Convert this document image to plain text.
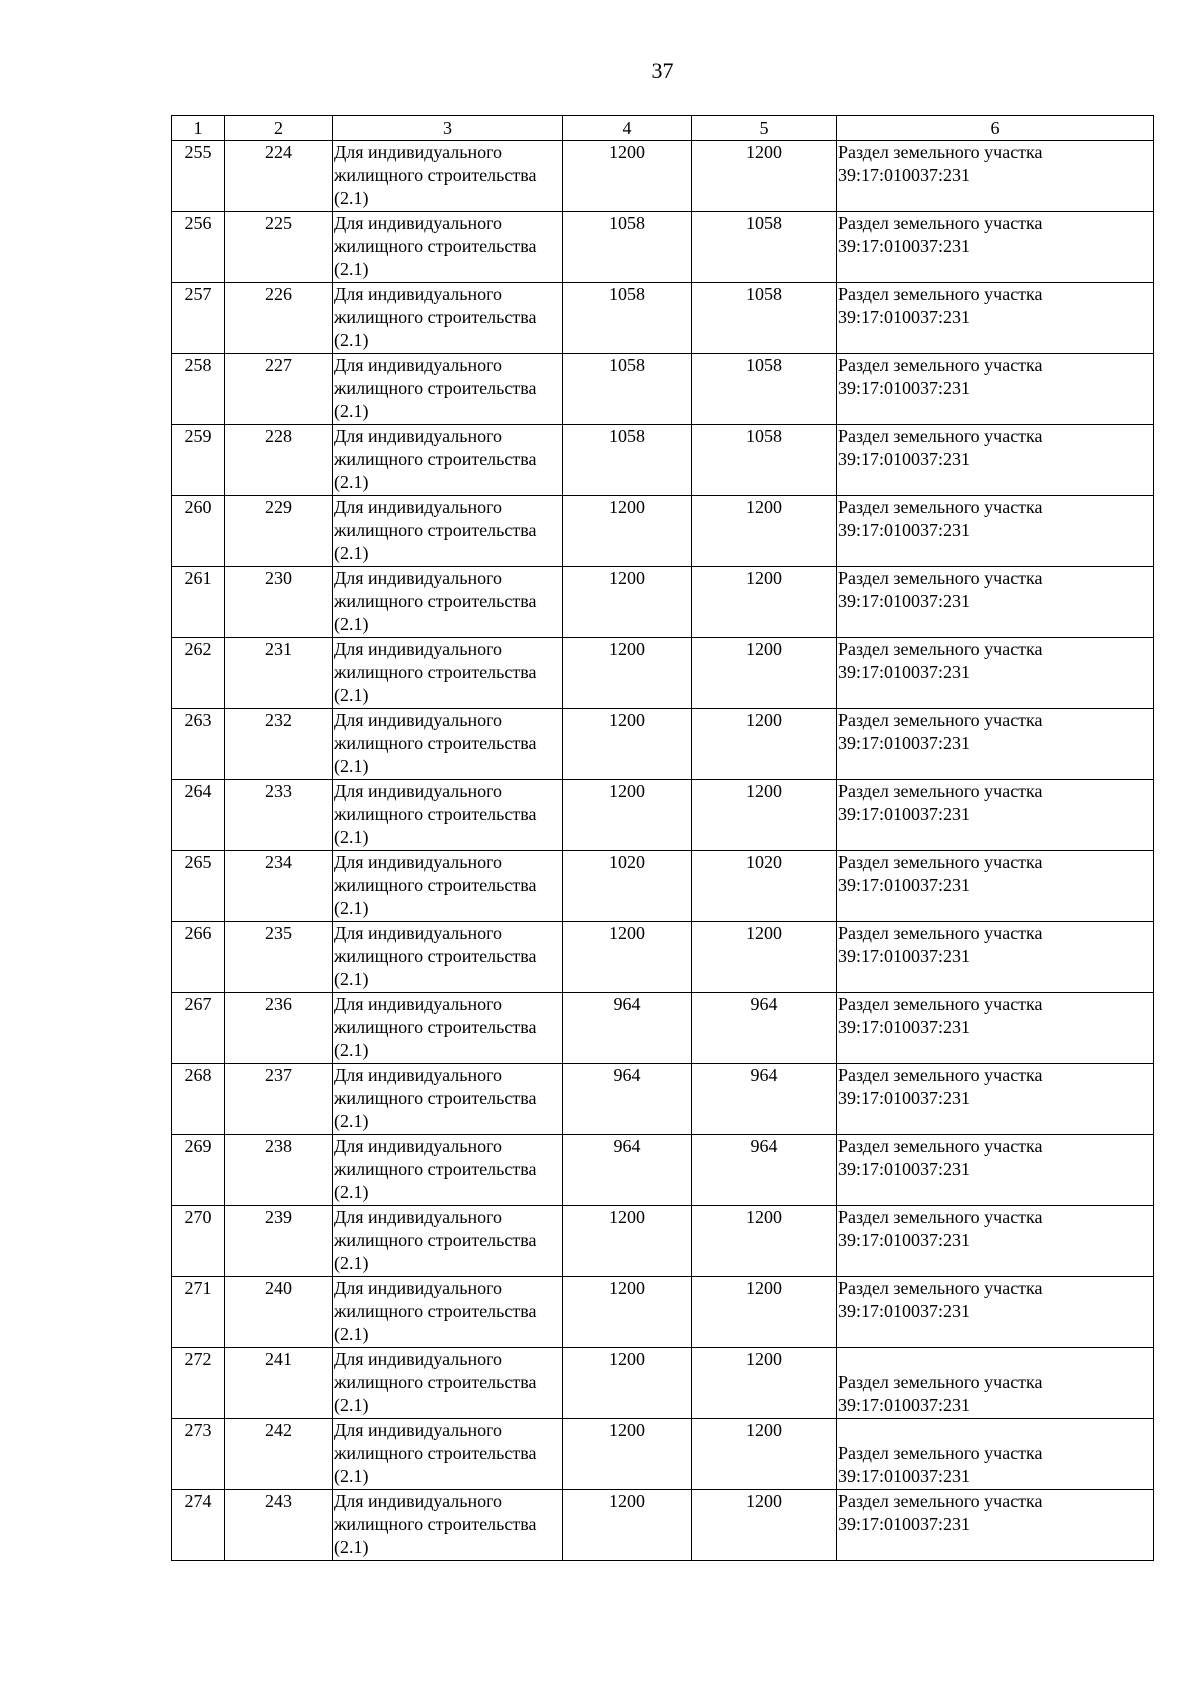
37
1	2	3	4	5	6
255	224	Для индивидуального жилищного строительства (2.1)	1200	1200	Раздел земельного участка 39:17:010037:231
256	225	Для индивидуального жилищного строительства (2.1)	1058	1058	Раздел земельного участка 39:17:010037:231
257	226	Для индивидуального жилищного строительства (2.1)	1058	1058	Раздел земельного участка 39:17:010037:231
258	227	Для индивидуального жилищного строительства (2.1)	1058	1058	Раздел земельного участка 39:17:010037:231
259	228	Для индивидуального жилищного строительства (2.1)	1058	1058	Раздел земельного участка 39:17:010037:231
260	229	Для индивидуального жилищного строительства (2.1)	1200	1200	Раздел земельного участка 39:17:010037:231
261	230	Для индивидуального жилищного строительства (2.1)	1200	1200	Раздел земельного участка 39:17:010037:231
262	231	Для индивидуального жилищного строительства (2.1)	1200	1200	Раздел земельного участка 39:17:010037:231
263	232	Для индивидуального жилищного строительства (2.1)	1200	1200	Раздел земельного участка 39:17:010037:231
264	233	Для индивидуального жилищного строительства (2.1)	1200	1200	Раздел земельного участка 39:17:010037:231
265	234	Для индивидуального жилищного строительства (2.1)	1020	1020	Раздел земельного участка 39:17:010037:231
266	235	Для индивидуального жилищного строительства (2.1)	1200	1200	Раздел земельного участка 39:17:010037:231
267	236	Для индивидуального жилищного строительства (2.1)	964	964	Раздел земельного участка 39:17:010037:231
268	237	Для индивидуального жилищного строительства (2.1)	964	964	Раздел земельного участка 39:17:010037:231
269	238	Для индивидуального жилищного строительства (2.1)	964	964	Раздел земельного участка 39:17:010037:231
270	239	Для индивидуального жилищного строительства (2.1)	1200	1200	Раздел земельного участка 39:17:010037:231
271	240	Для индивидуального жилищного строительства (2.1)	1200	1200	Раздел земельного участка 39:17:010037:231
272	241	Для индивидуального жилищного строительства (2.1)	1200	1200	Раздел земельного участка 39:17:010037:231

273	242	Для индивидуального жилищного строительства (2.1)	1200	1200	Раздел земельного участка 39:17:010037:231

274	243	Для индивидуального жилищного строительства (2.1)	1200	1200	Раздел земельного участка 39:17:010037:231
